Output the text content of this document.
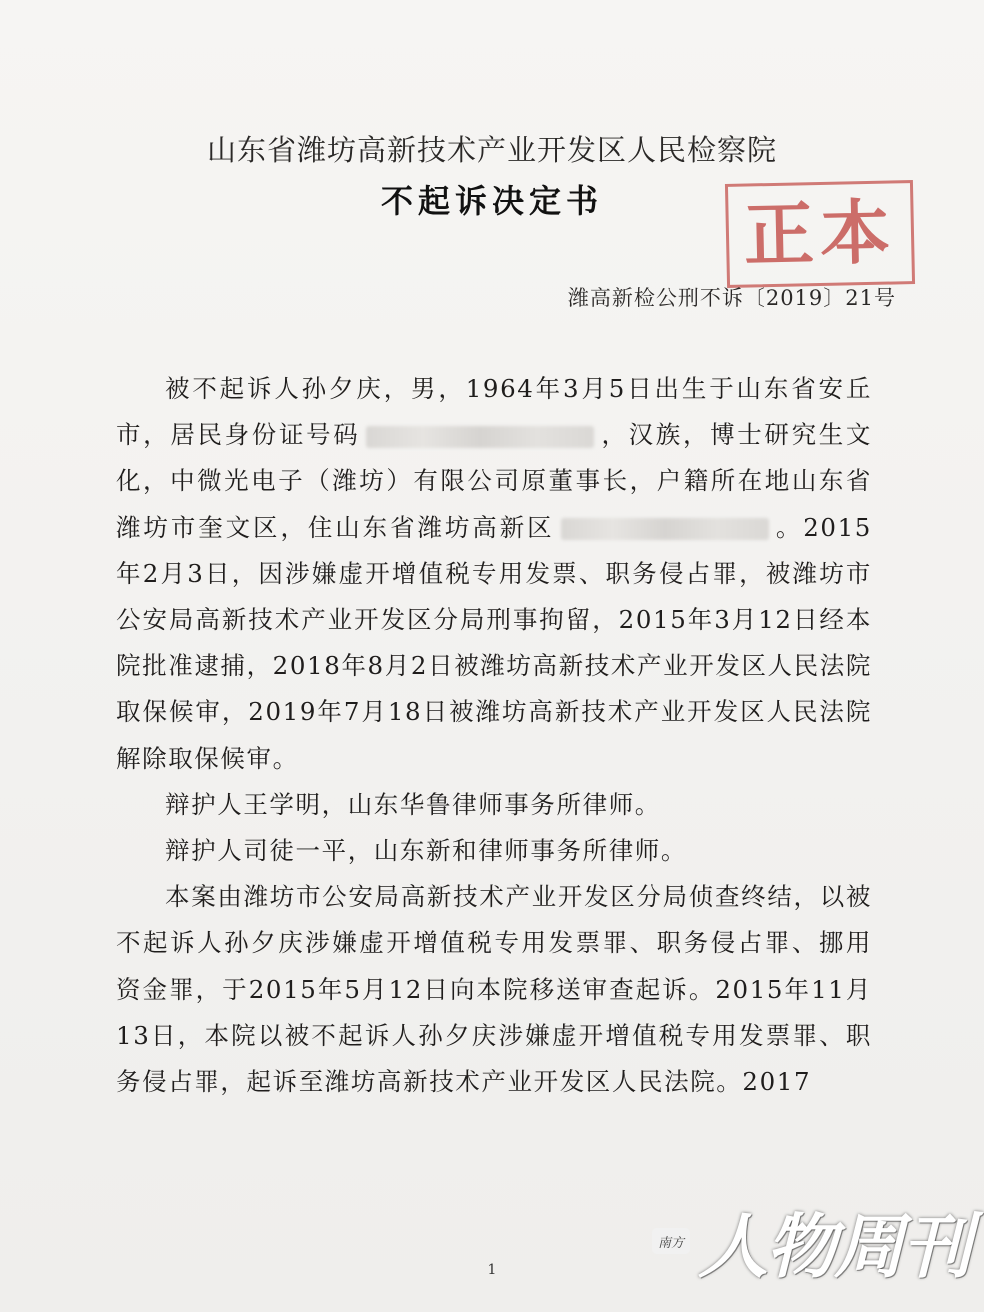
山东省潍坊高新技术产业开发区人民检察院
不起诉决定书	正本
潍高新检公刑不诉〔2019〕21号

被不起诉人孙夕庆，男，1964年3月5日出生于山东省安丘市，居民身份证号码	，汉族，博士研究生文化，中微光电子（潍坊）有限公司原董事长，户籍所在地山东省潍坊市奎文区，住山东省潍坊高新区	。2015年2月3日，因涉嫌虚开增值税专用发票、职务侵占罪，被潍坊市公安局高新技术产业开发区分局刑事拘留，2015年3月12日经本院批准逮捕，2018年8月2日被潍坊高新技术产业开发区人民法院取保候审，2019年7月18日被潍坊高新技术产业开发区人民法院解除取保候审。

辩护人王学明，山东华鲁律师事务所律师。

辩护人司徒一平，山东新和律师事务所律师。

本案由潍坊市公安局高新技术产业开发区分局侦查终结，以被不起诉人孙夕庆涉嫌虚开增值税专用发票罪、职务侵占罪、挪用资金罪，于2015年5月12日向本院移送审查起诉。2015年11月13日，本院以被不起诉人孙夕庆涉嫌虚开增值税专用发票罪、职务侵占罪，起诉至潍坊高新技术产业开发区人民法院。2017

1
南方 人物周刊
